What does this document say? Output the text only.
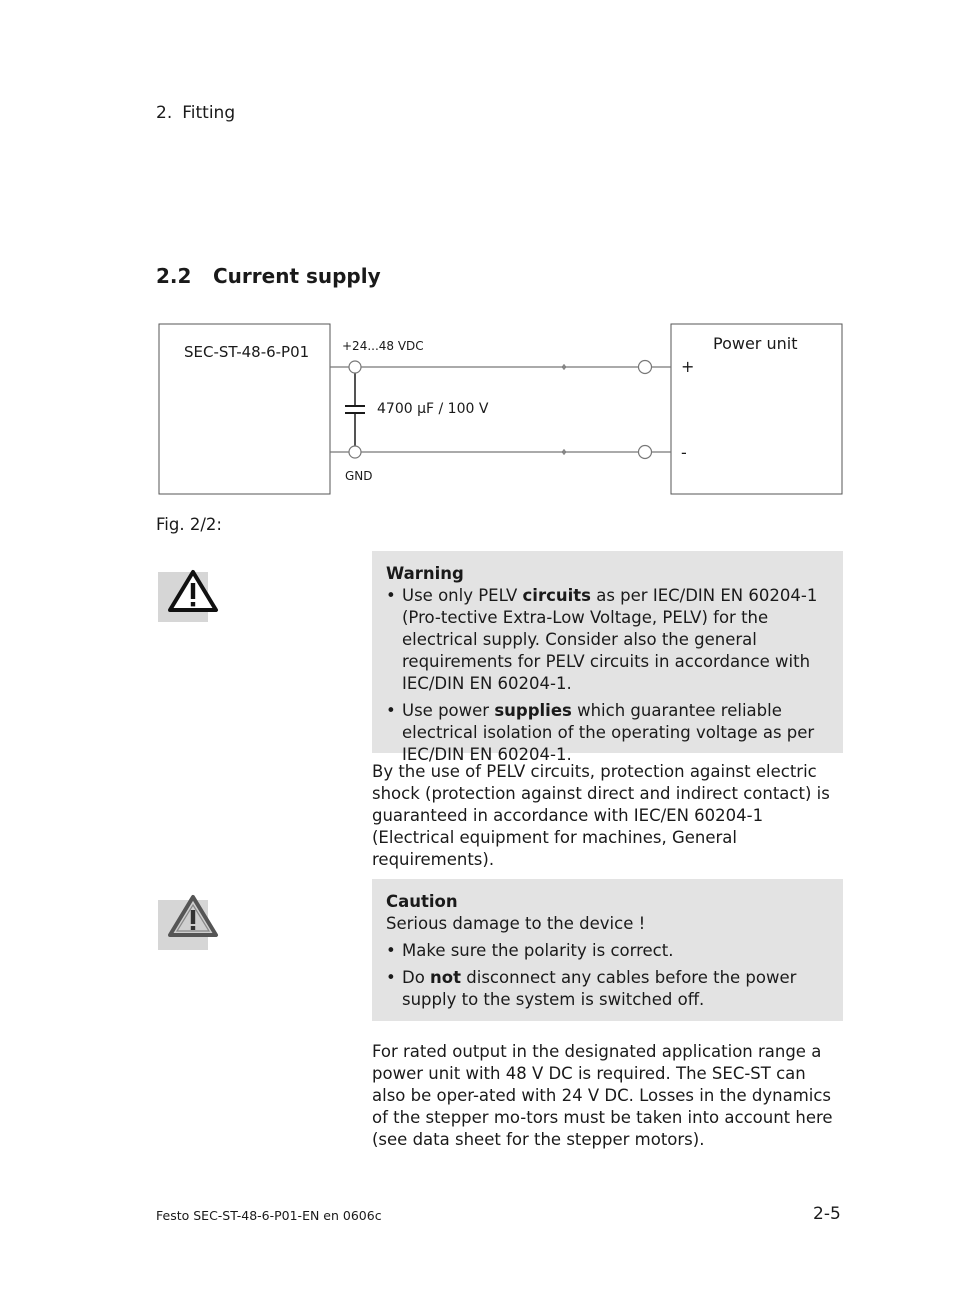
2. Fitting
2.2 Current supply
SEC-ST-48-6-P01	Power unit
+24...48 VDC
GND
4700 µF / 100 V
+
-
Fig. 2/2:
Warning
• Use only PELV circuits as per IEC/DIN EN 60204-1 (Pro-tective Extra-Low Voltage, PELV) for the electrical supply. Consider also the general requirements for PELV circuits in accordance with IEC/DIN EN 60204-1.
• Use power supplies which guarantee reliable electrical isolation of the operating voltage as per IEC/DIN EN 60204-1.
By the use of PELV circuits, protection against electric shock (protection against direct and indirect contact) is guaranteed in accordance with IEC/EN 60204-1 (Electrical equipment for machines, General requirements).
Caution
Serious damage to the device !
• Make sure the polarity is correct.
• Do not disconnect any cables before the power supply to the system is switched off.
For rated output in the designated application range a power unit with 48 V DC is required. The SEC-ST can also be oper-ated with 24 V DC. Losses in the dynamics of the stepper mo-tors must be taken into account here (see data sheet for the stepper motors).
Festo SEC-ST-48-6-P01-EN en 0606c	2-5
